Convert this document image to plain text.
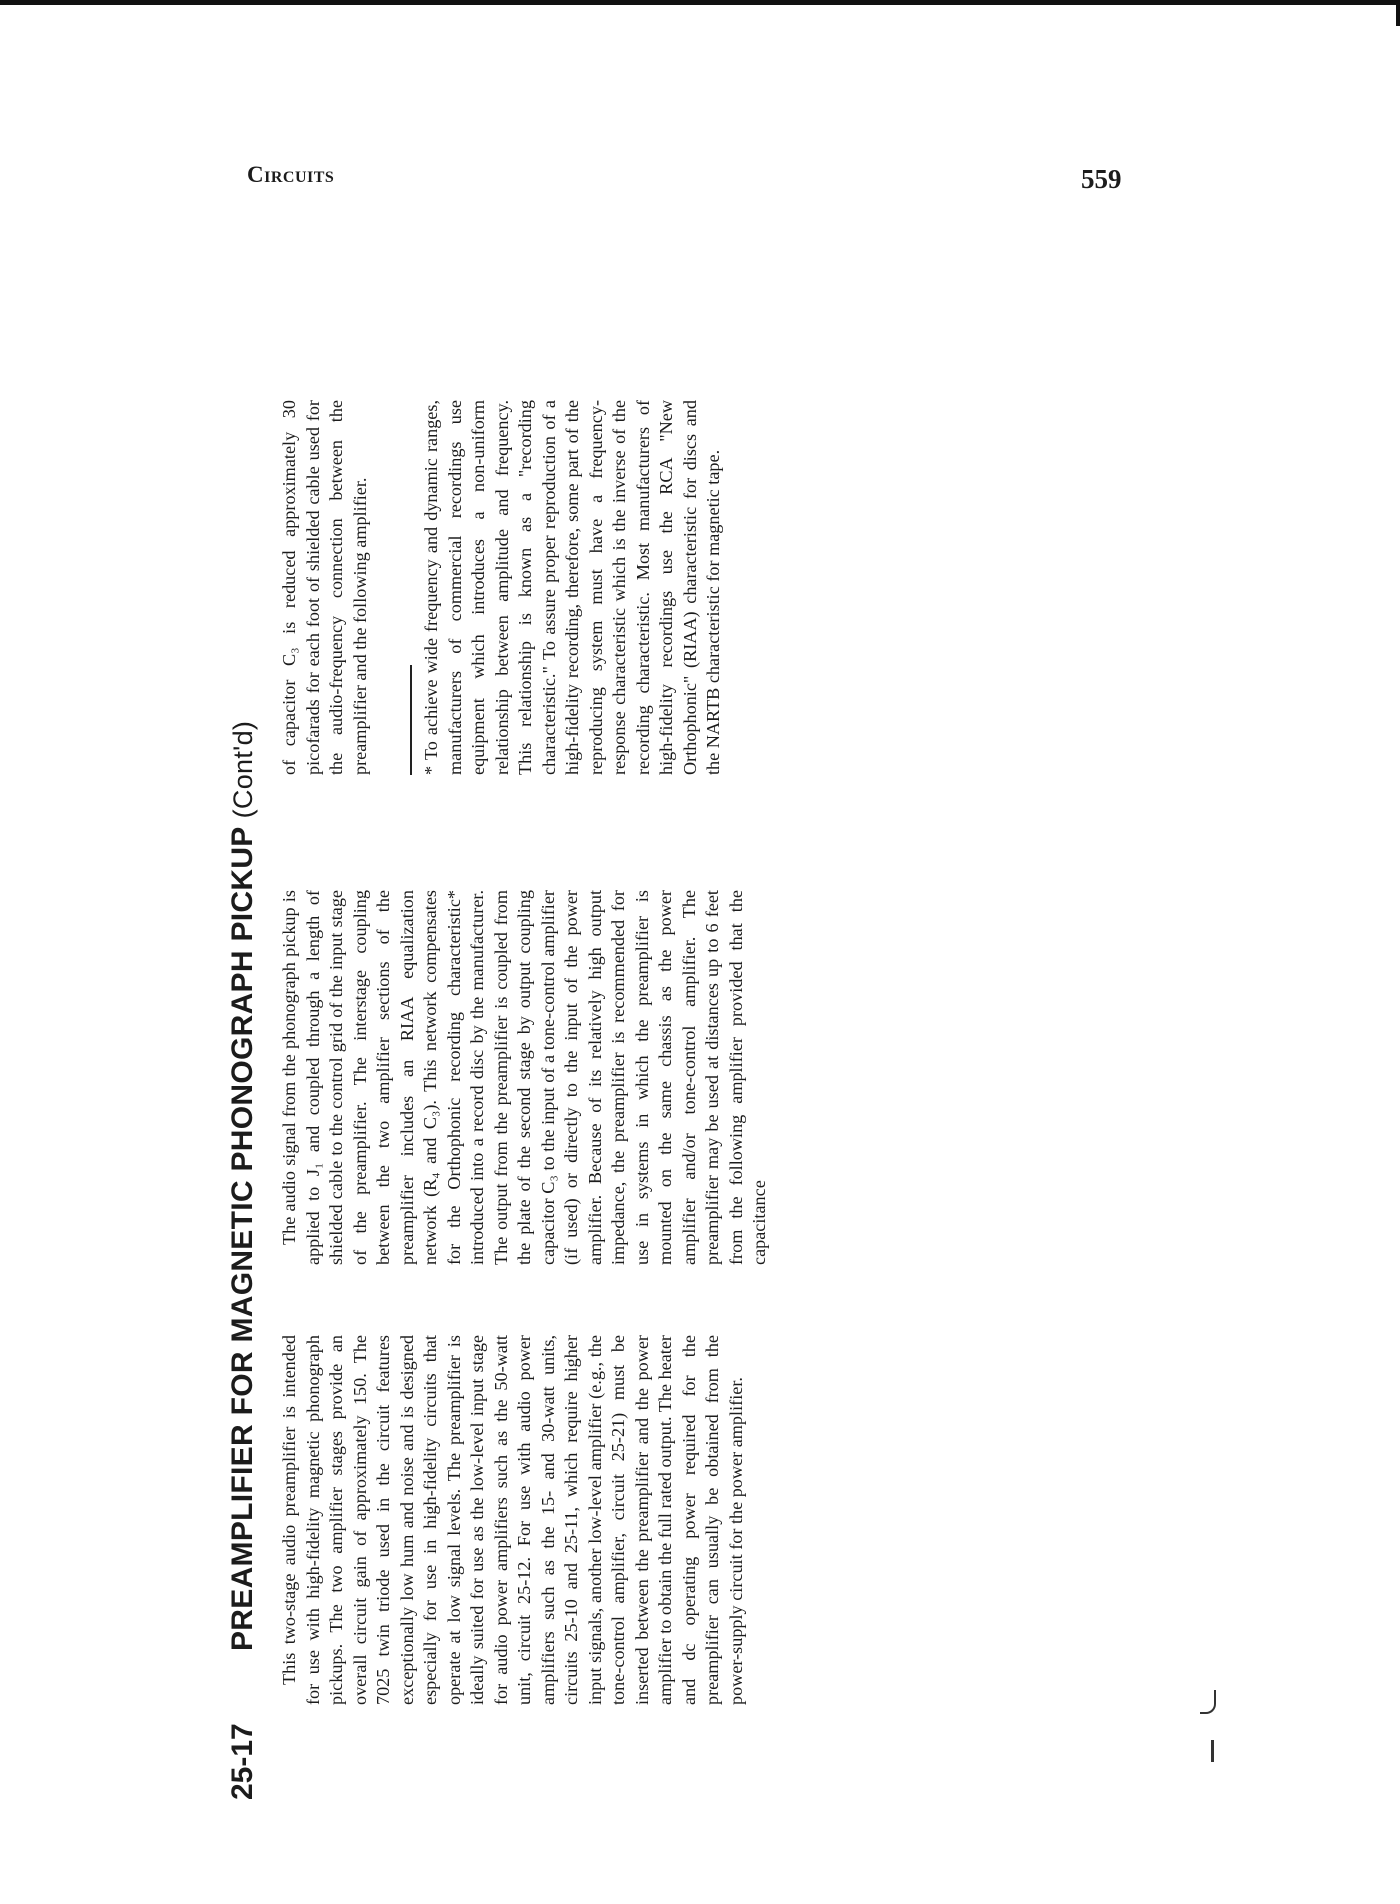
Circuits	559
25-17
PREAMPLIFIER FOR MAGNETIC PHONOGRAPH PICKUP(Cont'd)

This two-stage audio preamplifier is intended for use with high-fidelity magnetic phonograph pickups. The two amplifier stages provide an overall circuit gain of approximately 150. The 7025 twin triode used in the circuit features exceptionally low hum and noise and is designed especially for use in high-fidelity circuits that operate at low signal levels. The preamplifier is ideally suited for use as the low-level input stage for audio power amplifiers such as the 50-watt unit, circuit 25-12. For use with audio power amplifiers such as the 15- and 30-watt units, circuits 25-10 and 25-11, which require higher input signals, another low-level amplifier (e.g., the tone-control amplifier, circuit 25-21) must be inserted between the preamplifier and the power amplifier to obtain the full rated output. The heater and dc operating power required for the preamplifier can usually be obtained from the power-supply circuit for the power amplifier.

The audio signal from the phonograph pickup is applied to J₁ and coupled through a length of shielded cable to the control grid of the input stage of the preamplifier. The interstage coupling between the two amplifier sections of the preamplifier includes an RIAA equalization network (R₄ and C₃). This network compensates for the Orthophonic recording characteristic* introduced into a record disc by the manufacturer. The output from the preamplifier is coupled from the plate of the second stage by output coupling capacitor C₃ to the input of a tone-control amplifier (if used) or directly to the input of the power amplifier. Because of its relatively high output impedance, the preamplifier is recommended for use in systems in which the preamplifier is mounted on the same chassis as the power amplifier and/or tone-control amplifier. The preamplifier may be used at distances up to 6 feet from the following amplifier provided that the capacitance

of capacitor C₃ is reduced approximately 30 picofarads for each foot of shielded cable used for the audio-frequency connection between the preamplifier and the following amplifier.	* To achieve wide frequency and dynamic ranges, manufacturers of commercial recordings use equipment which introduces a non-uniform relationship between amplitude and frequency. This relationship is known as a "recording characteristic." To assure proper reproduction of a high-fidelity recording, therefore, some part of the reproducing system must have a frequency-response characteristic which is the inverse of the recording characteristic. Most manufacturers of high-fidelity recordings use the RCA "New Orthophonic" (RIAA) characteristic for discs and the NARTB characteristic for magnetic tape.
